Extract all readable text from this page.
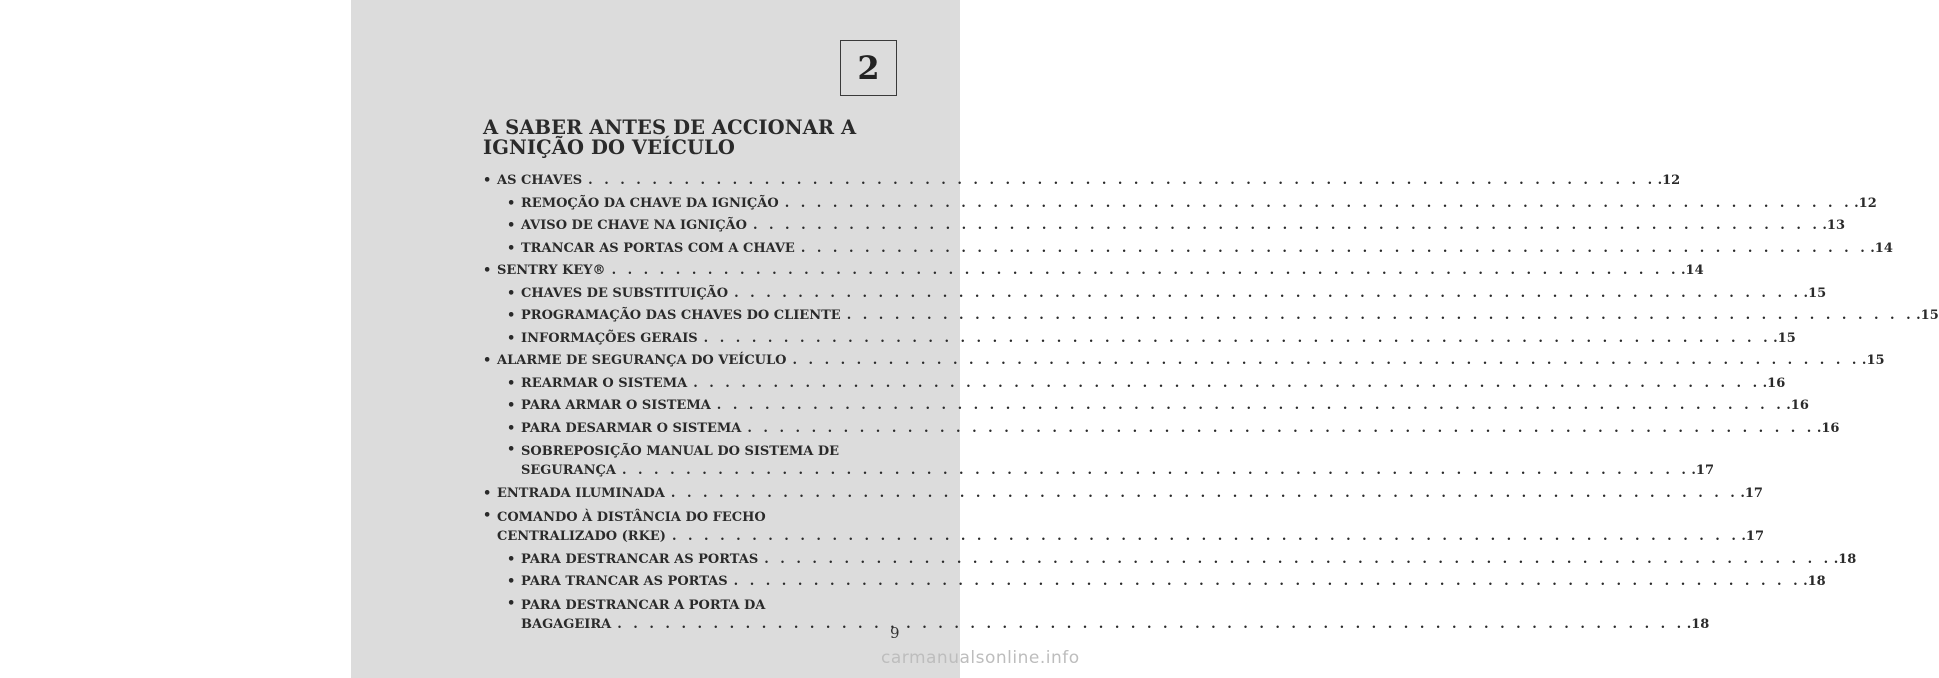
2
A SABER ANTES DE ACCIONAR A IGNIÇÃO DO VEÍCULO
• AS CHAVES . . .	.12
• REMOÇÃO DA CHAVE DA IGNIÇÃO . . .	.12
• AVISO DE CHAVE NA IGNIÇÃO . . .	.13
• TRANCAR AS PORTAS COM A CHAVE . . .	.14
• SENTRY KEY® . . .	.14
• CHAVES DE SUBSTITUIÇÃO . . .	.15
• PROGRAMAÇÃO DAS CHAVES DO CLIENTE . . .	.15
• INFORMAÇÕES GERAIS . . .	.15
• ALARME DE SEGURANÇA DO VEÍCULO . . .	.15
• REARMAR O SISTEMA . . .	.16
• PARA ARMAR O SISTEMA . . .	.16
• PARA DESARMAR O SISTEMA . . .	.16
• SOBREPOSIÇÃO MANUAL DO SISTEMA DE
SEGURANÇA . . .	.17
• ENTRADA ILUMINADA . . .	.17
• COMANDO À DISTÂNCIA DO FECHO
CENTRALIZADO (RKE) . . .	.17
• PARA DESTRANCAR AS PORTAS . . .	.18
• PARA TRANCAR AS PORTAS . . .	.18
• PARA DESTRANCAR A PORTA DA
BAGAGEIRA . . .	.18
9
carmanualsonline.info
